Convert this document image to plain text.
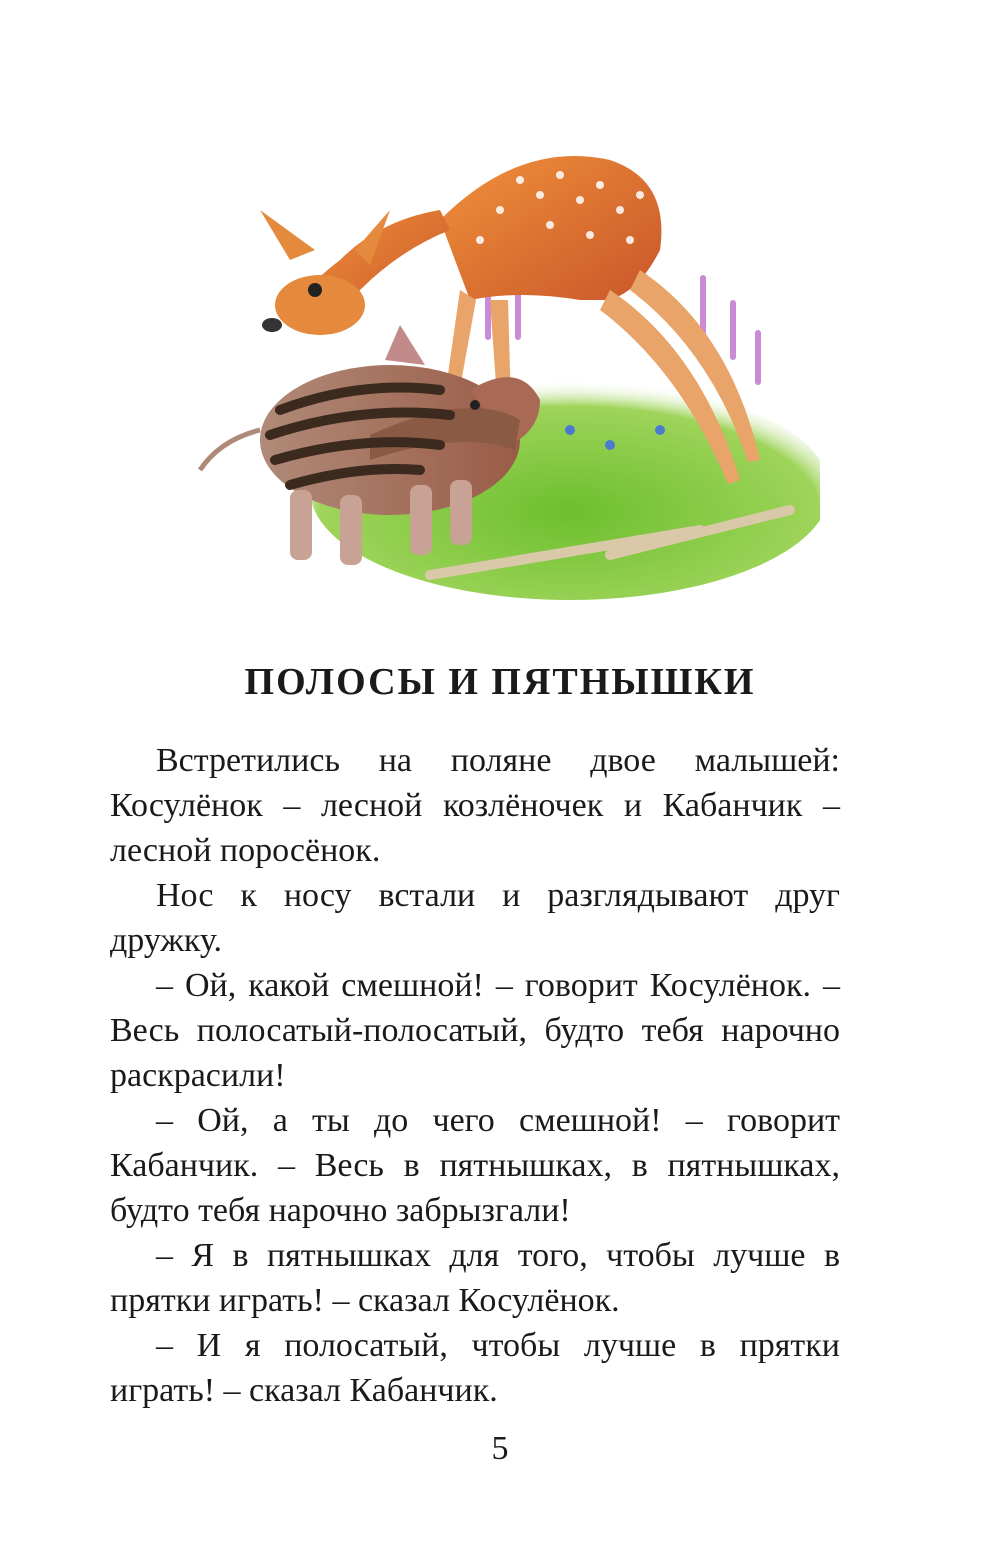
ПОЛОСЫ И ПЯТНЫШКИ

Встретились на поляне двое малышей: Косулёнок – лесной козлёночек и Кабанчик – лесной поросёнок.

Нос к носу встали и разглядывают друг дружку.

– Ой, какой смешной! – говорит Косулёнок. – Весь полосатый-полосатый, будто тебя нарочно раскрасили!

– Ой, а ты до чего смешной! – говорит Кабанчик. – Весь в пятнышках, в пятнышках, будто тебя нарочно забрызгали!

– Я в пятнышках для того, чтобы лучше в прятки играть! – сказал Косулёнок.

– И я полосатый, чтобы лучше в прятки играть! – сказал Кабанчик.

5
